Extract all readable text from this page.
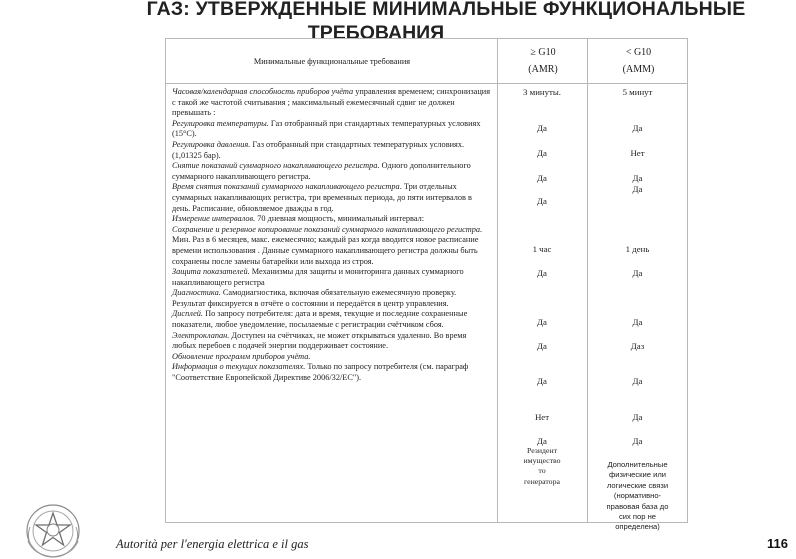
ГАЗ: УТВЕРЖДЕННЫЕ МИНИМАЛЬНЫЕ ФУНКЦИОНАЛЬНЫЕ
ТРЕБОВАНИЯ
Минимальные функциональные требования
≥ G10
(AMR)
< G10
(AMM)
Часовая/календарная способность приборов учёта управления временем; синхронизация с такой же частотой считывания ; максимальный ежемесячный сдвиг не должен превышать :
Регулировка температуры. Газ отобранный при стандартных температурных условиях (15°C).
Регулировка давления. Газ отобранный при стандартных температурных условиях. (1,01325 бар).
Снятие показаний суммарного накапливающего регистра. Одного дополнительного суммарного накапливающего регистра.
Время снятия показаний суммарного накапливающего регистра. Три отдельных суммарных накапливающих регистра, три временных периода, до пяти интервалов в день. Расписание, обновляемое дважды в год.
Измерение интервалов. 70 дневная мощность, минимальный интервал:
Сохранение и резервное копирование показаний суммарного накапливающего регистра. Мин. Раз в 6 месяцев, макс. ежемесячно; каждый раз когда вводится новое расписание времени использования . Данные суммарного накапливающего регистра должны быть сохранены после замены батарейки или выхода из строя.
Защита показателей. Механизмы для защиты и мониторинга данных суммарного накапливающего регистра
Диагностика. Самодиагностика, включая обязательную ежемесячную проверку. Результат фиксируется в отчёте о состоянии и передаётся в центр управления.
Дисплей. По запросу потребителя: дата и время, текущие и последние сохраненные показатели, любое уведомление, посылаемые с регистрации счётчиком сбоя.
Электроклапан. Доступен на счётчиках, не может открываться удаленно. Во время любых перебоев с подачей энергии поддерживает состояние.
Обновление программ приборов учёта.
Информация о текущих показателях. Только по запросу потребителя (см. параграф "Соответствие Европейской Директиве 2006/32/EC").
3 минуты.
Да
Да
Да
Да
1 час
Да
Да
Да
Да
Нет
Да
Резидент
имущество
то
генератора
5 минут
Да
Нет
Да
Да
1 день
Да
Да
Даз
Да
Да
Да
Дополнительные
физические или
логические связи
(нормативно-
правовая база до
сих пор не
определена)
Autorità per l'energia elettrica e il gas	116
